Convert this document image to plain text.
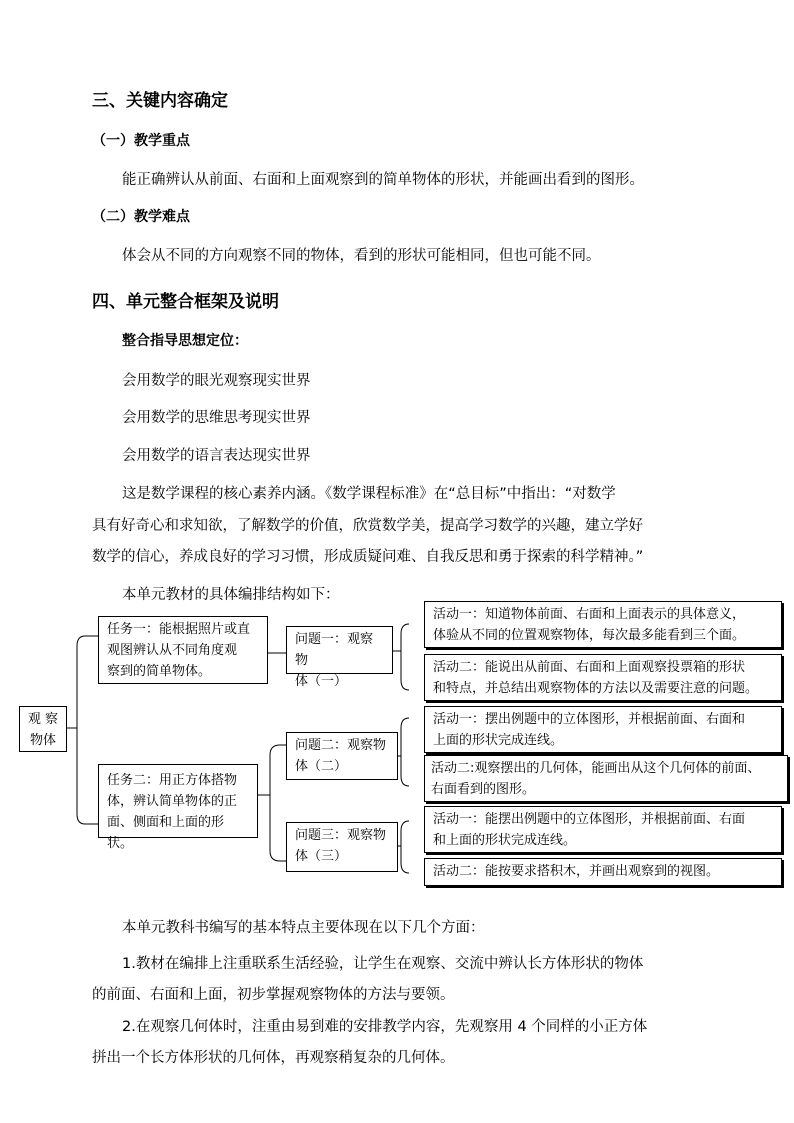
三、关键内容确定
（一）教学重点
能正确辨认从前面、右面和上面观察到的简单物体的形状，并能画出看到的图形。
（二）教学难点
体会从不同的方向观察不同的物体，看到的形状可能相同，但也可能不同。
四、单元整合框架及说明
整合指导思想定位：
会用数学的眼光观察现实世界
会用数学的思维思考现实世界
会用数学的语言表达现实世界
这是数学课程的核心素养内涵。《数学课程标准》在“总目标”中指出：“对数学
具有好奇心和求知欲，了解数学的价值，欣赏数学美，提高学习数学的兴趣，建立学好
数学的信心，养成良好的学习习惯，形成质疑问难、自我反思和勇于探索的科学精神。”
本单元教材的具体编排结构如下：
观 察
物体
任务一：能根据照片或直
观图辨认从不同角度观
察到的简单物体。
任务二：用正方体搭物
体，辨认简单物体的正
面、侧面和上面的形状。
问题一：观察物
体（一）
问题二：观察物
体（二）
问题三：观察物
体（三）
活动一：知道物体前面、右面和上面表示的具体意义，
体验从不同的位置观察物体，每次最多能看到三个面。
活动二：能说出从前面、右面和上面观察投票箱的形状
和特点，并总结出观察物体的方法以及需要注意的问题。
活动一：摆出例题中的立体图形，并根据前面、右面和
上面的形状完成连线。
活动二:观察摆出的几何体，能画出从这个几何体的前面、
右面看到的图形。
活动一：能摆出例题中的立体图形，并根据前面、右面
和上面的形状完成连线。
活动二：能按要求搭积木，并画出观察到的视图。
本单元教科书编写的基本特点主要体现在以下几个方面：
1.教材在编排上注重联系生活经验，让学生在观察、交流中辨认长方体形状的物体
的前面、右面和上面，初步掌握观察物体的方法与要领。
2.在观察几何体时，注重由易到难的安排教学内容，先观察用 4 个同样的小正方体
拼出一个长方体形状的几何体，再观察稍复杂的几何体。
